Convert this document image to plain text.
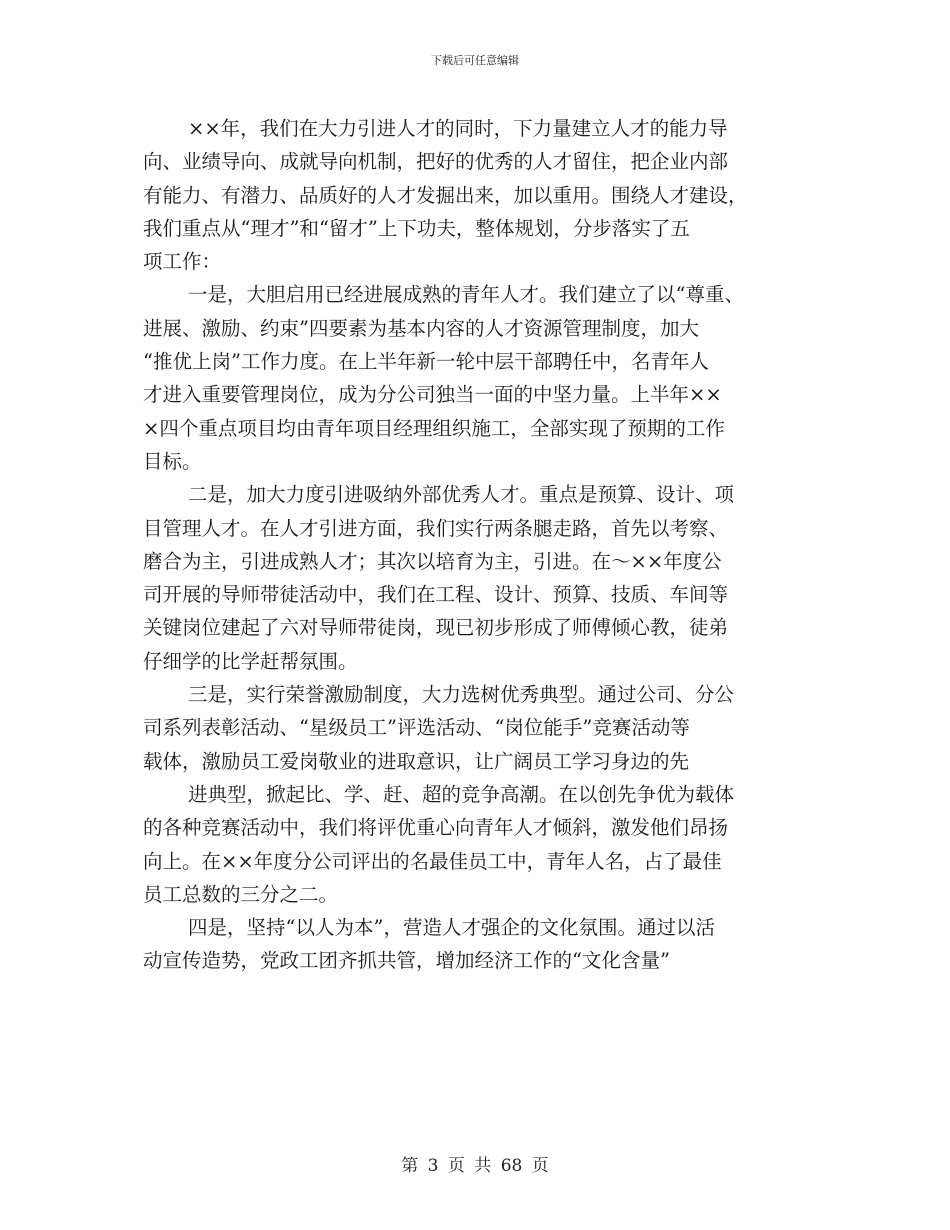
下载后可任意编辑
××年，我们在大力引进人才的同时，下力量建立人才的能力导
向、业绩导向、成就导向机制，把好的优秀的人才留住，把企业内部
有能力、有潜力、品质好的人才发掘出来，加以重用。围绕人才建设，
我们重点从“理才”和“留才”上下功夫，整体规划，分步落实了五
项工作：
一是，大胆启用已经进展成熟的青年人才。我们建立了以“尊重、
进展、激励、约束”四要素为基本内容的人才资源管理制度，加大
“推优上岗”工作力度。在上半年新一轮中层干部聘任中，名青年人
才进入重要管理岗位，成为分公司独当一面的中坚力量。上半年××
×四个重点项目均由青年项目经理组织施工，全部实现了预期的工作
目标。
二是，加大力度引进吸纳外部优秀人才。重点是预算、设计、项
目管理人才。在人才引进方面，我们实行两条腿走路，首先以考察、
磨合为主，引进成熟人才；其次以培育为主，引进。在～××年度公
司开展的导师带徒活动中，我们在工程、设计、预算、技质、车间等
关键岗位建起了六对导师带徒岗，现已初步形成了师傅倾心教，徒弟
仔细学的比学赶帮氛围。
三是，实行荣誉激励制度，大力选树优秀典型。通过公司、分公
司系列表彰活动、“星级员工”评选活动、“岗位能手”竞赛活动等
载体，激励员工爱岗敬业的进取意识，让广阔员工学习身边的先
进典型，掀起比、学、赶、超的竞争高潮。在以创先争优为载体
的各种竞赛活动中，我们将评优重心向青年人才倾斜，激发他们昂扬
向上。在××年度分公司评出的名最佳员工中，青年人名，占了最佳
员工总数的三分之二。
四是，坚持“以人为本”，营造人才强企的文化氛围。通过以活
动宣传造势，党政工团齐抓共管，增加经济工作的“文化含量”
第 3 页 共 68 页
